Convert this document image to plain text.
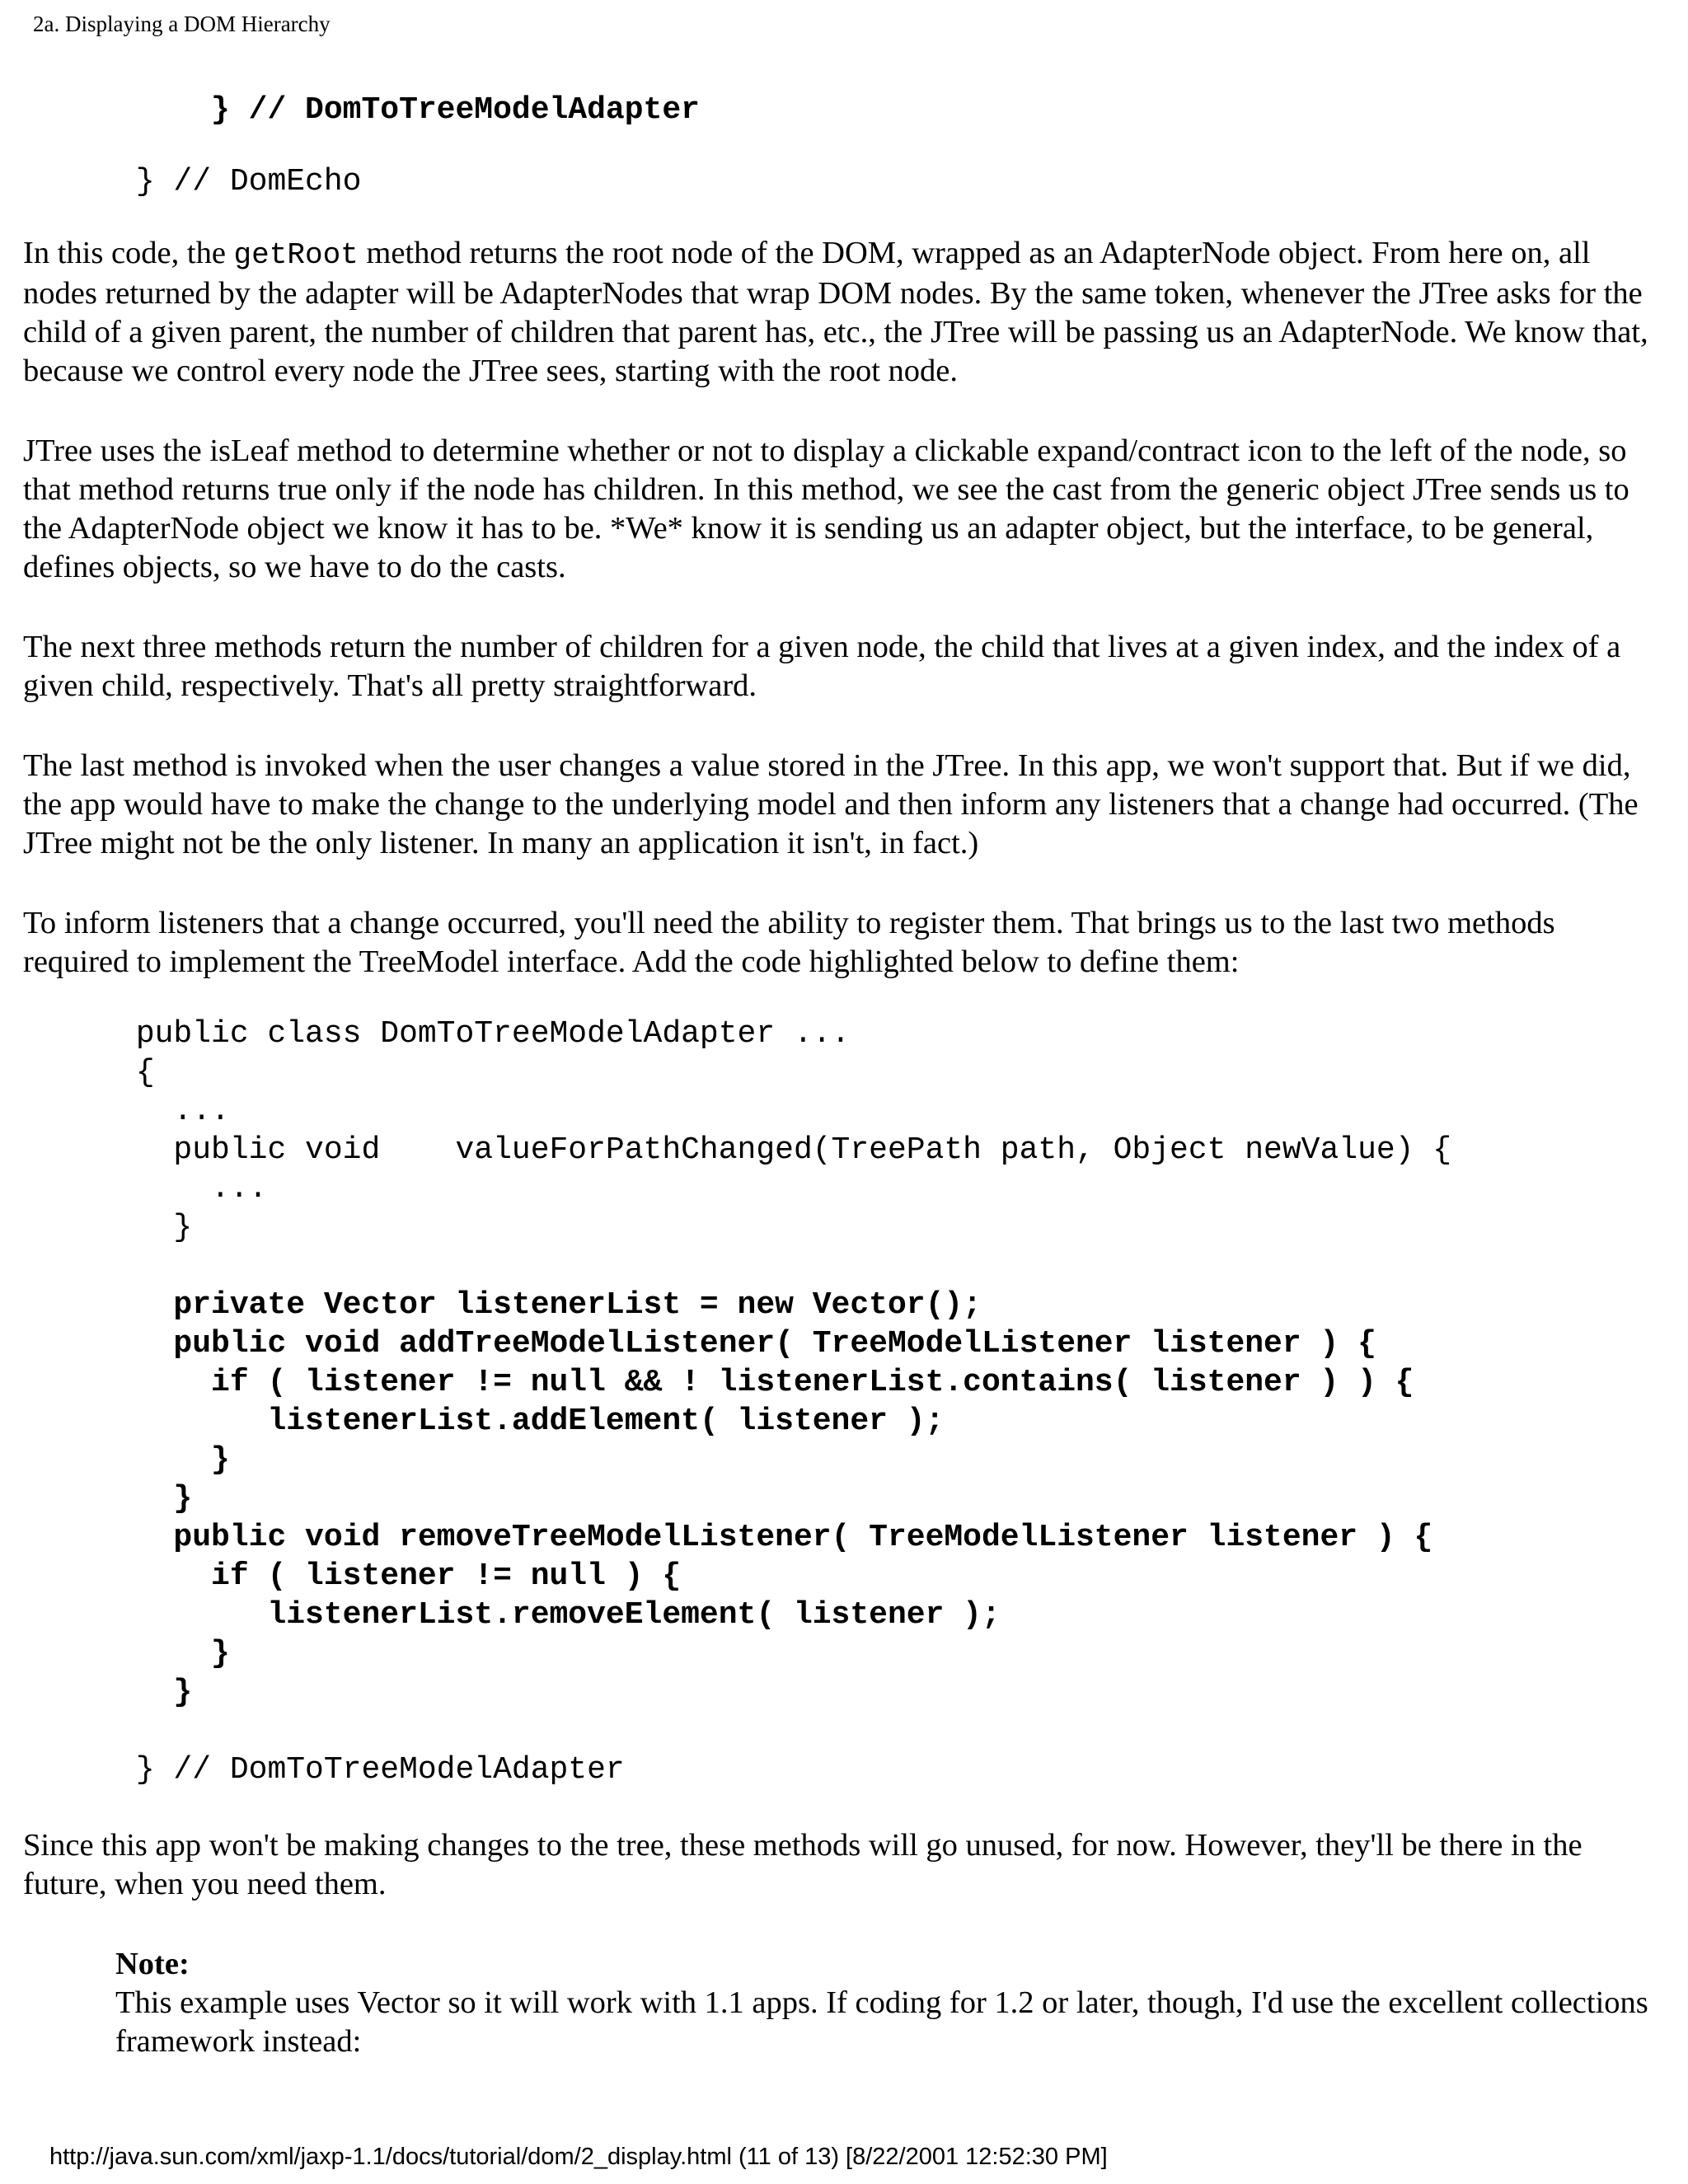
2a. Displaying a DOM Hierarchy
} // DomToTreeModelAdapter
} // DomEcho

In this code, the getRoot method returns the root node of the DOM, wrapped as an AdapterNode object. From here on, all nodes returned by the adapter will be AdapterNodes that wrap DOM nodes. By the same token, whenever the JTree asks for the child of a given parent, the number of children that parent has, etc., the JTree will be passing us an AdapterNode. We know that, because we control every node the JTree sees, starting with the root node.

JTree uses the isLeaf method to determine whether or not to display a clickable expand/contract icon to the left of the node, so that method returns true only if the node has children. In this method, we see the cast from the generic object JTree sends us to the AdapterNode object we know it has to be. *We* know it is sending us an adapter object, but the interface, to be general, defines objects, so we have to do the casts.

The next three methods return the number of children for a given node, the child that lives at a given index, and the index of a given child, respectively. That's all pretty straightforward.

The last method is invoked when the user changes a value stored in the JTree. In this app, we won't support that. But if we did, the app would have to make the change to the underlying model and then inform any listeners that a change had occurred. (The JTree might not be the only listener. In many an application it isn't, in fact.)

To inform listeners that a change occurred, you'll need the ability to register them. That brings us to the last two methods required to implement the TreeModel interface. Add the code highlighted below to define them:

public class DomToTreeModelAdapter ...
{
...
public void    valueForPathChanged(TreePath path, Object newValue) {
...
}
private Vector listenerList = new Vector();
public void addTreeModelListener( TreeModelListener listener ) {
if ( listener != null && ! listenerList.contains( listener ) ) {
listenerList.addElement( listener );
}
}
public void removeTreeModelListener( TreeModelListener listener ) {
if ( listener != null ) {
listenerList.removeElement( listener );
}
}
} // DomToTreeModelAdapter

Since this app won't be making changes to the tree, these methods will go unused, for now. However, they'll be there in the future, when you need them.

Note:
This example uses Vector so it will work with 1.1 apps. If coding for 1.2 or later, though, I'd use the excellent collections framework instead:
http://java.sun.com/xml/jaxp-1.1/docs/tutorial/dom/2_display.html (11 of 13) [8/22/2001 12:52:30 PM]
